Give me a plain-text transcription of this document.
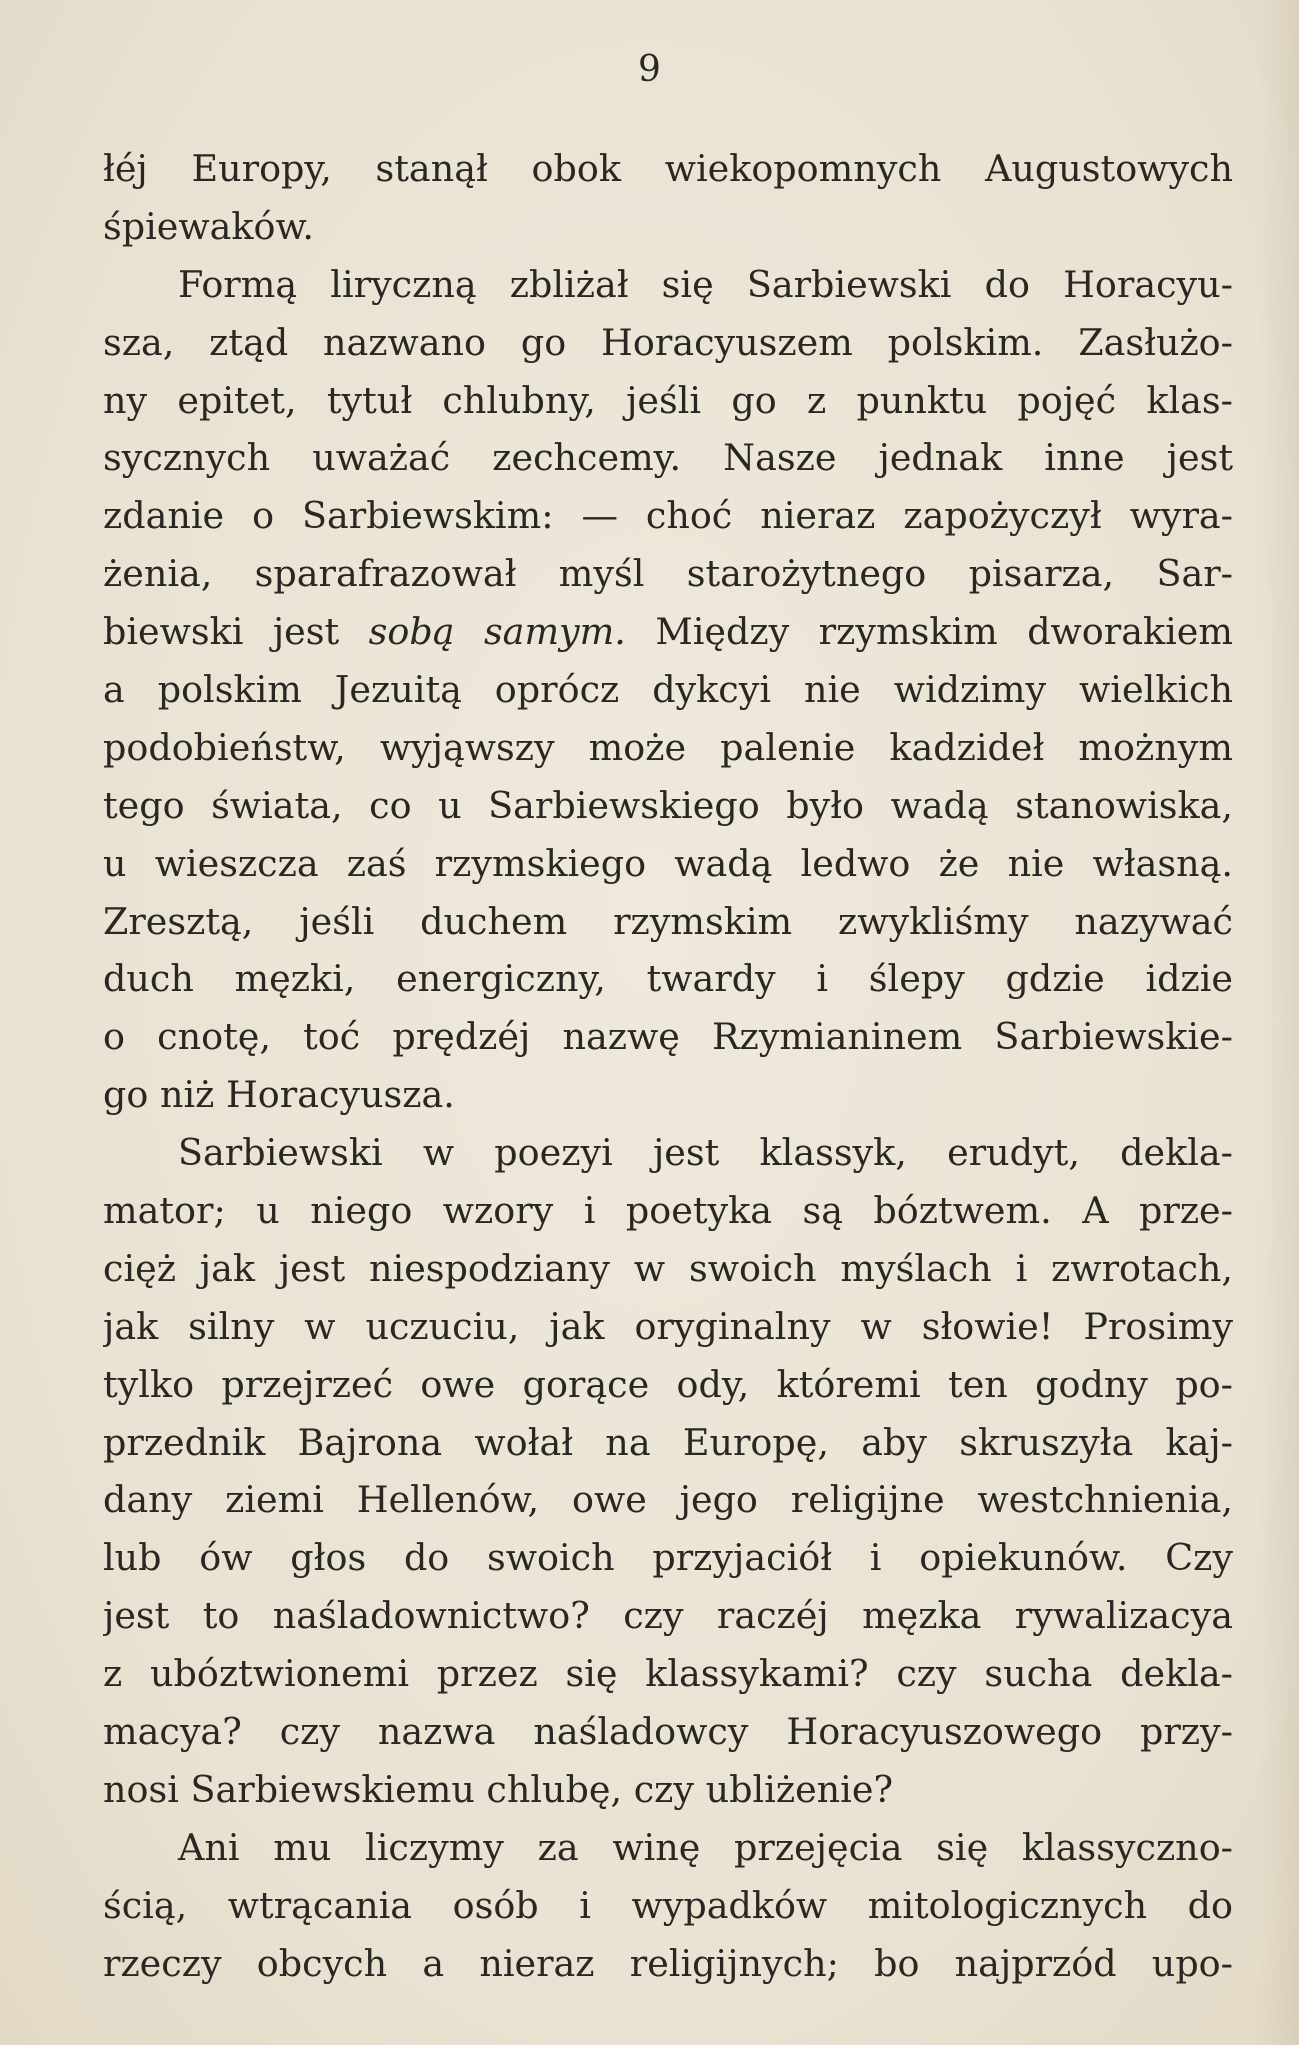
9
łéj Europy, stanął obok wiekopomnych Augustowych
śpiewaków.
Formą liryczną zbliżał się Sarbiewski do Horacyu-
sza, ztąd nazwano go Horacyuszem polskim. Zasłużo-
ny epitet, tytuł chlubny, jeśli go z punktu pojęć klas-
sycznych uważać zechcemy. Nasze jednak inne jest
zdanie o Sarbiewskim: — choć nieraz zapożyczył wyra-
żenia, sparafrazował myśl starożytnego pisarza, Sar-
biewski jest sobą samym. Między rzymskim dworakiem
a polskim Jezuitą oprócz dykcyi nie widzimy wielkich
podobieństw, wyjąwszy może palenie kadzideł możnym
tego świata, co u Sarbiewskiego było wadą stanowiska,
u wieszcza zaś rzymskiego wadą ledwo że nie własną.
Zresztą, jeśli duchem rzymskim zwykliśmy nazywać
duch męzki, energiczny, twardy i ślepy gdzie idzie
o cnotę, toć prędzéj nazwę Rzymianinem Sarbiewskie-
go niż Horacyusza.
Sarbiewski w poezyi jest klassyk, erudyt, dekla-
mator; u niego wzory i poetyka są bóztwem. A prze-
cięż jak jest niespodziany w swoich myślach i zwrotach,
jak silny w uczuciu, jak oryginalny w słowie! Prosimy
tylko przejrzeć owe gorące ody, któremi ten godny po-
przednik Bajrona wołał na Europę, aby skruszyła kaj-
dany ziemi Hellenów, owe jego religijne westchnienia,
lub ów głos do swoich przyjaciół i opiekunów. Czy
jest to naśladownictwo? czy raczéj męzka rywalizacya
z ubóztwionemi przez się klassykami? czy sucha dekla-
macya? czy nazwa naśladowcy Horacyuszowego przy-
nosi Sarbiewskiemu chlubę, czy ubliżenie?
Ani mu liczymy za winę przejęcia się klassyczno-
ścią, wtrącania osób i wypadków mitologicznych do
rzeczy obcych a nieraz religijnych; bo najprzód upo-
